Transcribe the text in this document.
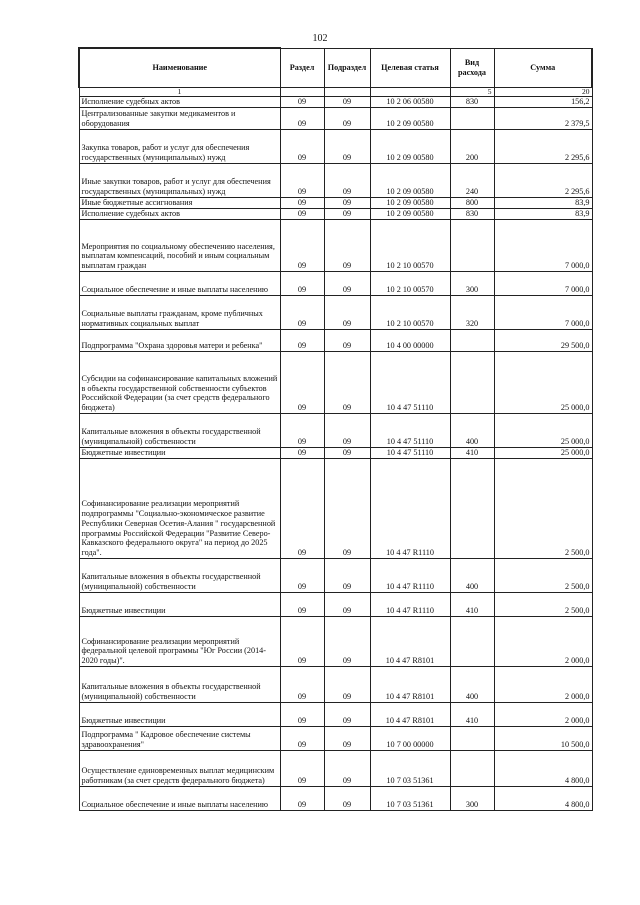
102
Наименование	Раздел	Подраздел	Целевая статья	Вид расхода	Сумма
1				5	20
Исполнение судебных актов	09	09	10 2 06 00580	830	156,2
Централизованные закупки медикаментов и оборудования	09	09	10 2 09 00580		2 379,5
Закупка товаров, работ и услуг для обеспечения государственных (муниципальных) нужд	09	09	10 2 09 00580	200	2 295,6
Иные закупки товаров, работ и услуг для обеспечения государственных (муниципальных) нужд	09	09	10 2 09 00580	240	2 295,6
Иные бюджетные ассигнования	09	09	10 2 09 00580	800	83,9
Исполнение судебных актов	09	09	10 2 09 00580	830	83,9
Мероприятия по социальному обеспечению населения, выплатам компенсаций, пособий и иным социальным выплатам граждан	09	09	10 2 10 00570		7 000,0
Социальное обеспечение и иные выплаты населению	09	09	10 2 10 00570	300	7 000,0
Социальные выплаты гражданам, кроме публичных нормативных социальных выплат	09	09	10 2 10 00570	320	7 000,0
Подпрограмма "Охрана здоровья матери и ребенка"	09	09	10 4 00 00000		29 500,0
Субсидии на софинансирование капитальных вложений в объекты государственной собственности субъектов Российской Федерации (за счет средств федерального бюджета)	09	09	10 4 47 51110		25 000,0
Капитальные вложения в объекты государственной (муниципальной) собственности	09	09	10 4 47 51110	400	25 000,0
Бюджетные инвестиции	09	09	10 4 47 51110	410	25 000,0
Софинансирование реализации мероприятий подпрограммы "Социально-экономическое развитие Республики Северная Осетия-Алания " государсвенной программы Российской Федерации "Развитие Северо-Кавказского федерального округа" на период до 2025 года".	09	09	10 4 47 R1110		2 500,0
Капитальные вложения в объекты государственной (муниципальной) собственности	09	09	10 4 47 R1110	400	2 500,0
Бюджетные инвестиции	09	09	10 4 47 R1110	410	2 500,0
Софинансирование реализации мероприятий федеральной целевой программы "Юг России (2014-2020 годы)".	09	09	10 4 47 R8101		2 000,0
Капитальные вложения в объекты государственной (муниципальной) собственности	09	09	10 4 47 R8101	400	2 000,0
Бюджетные инвестиции	09	09	10 4 47 R8101	410	2 000,0
Подпрограмма " Кадровое обеспечение системы здравоохранения"	09	09	10 7 00 00000		10 500,0
Осуществление единовременных выплат медицинским работникам (за счет средств федерального бюджета)	09	09	10 7 03 51361		4 800,0
Социальное обеспечение и иные выплаты населению	09	09	10 7 03 51361	300	4 800,0
